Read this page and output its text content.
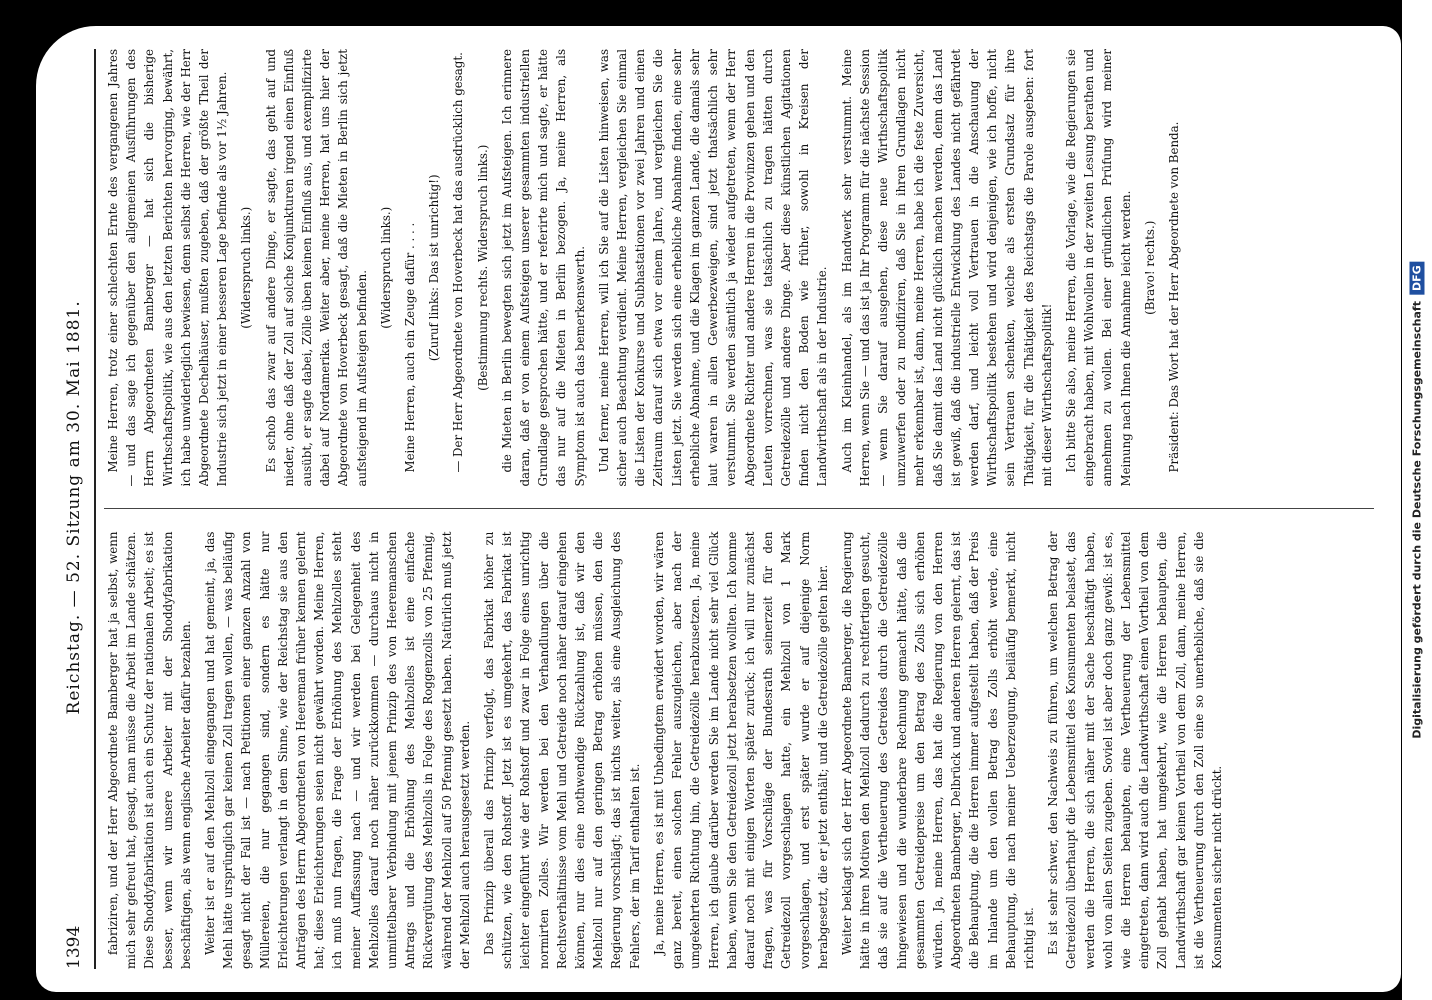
1394
Reichstag. — 52. Sitzung am 30. Mai 1881.

fabriziren, und der Herr Abgeordnete Bamberger hat ja selbst, wenn mich sehr gefreut hat, gesagt, man müsse die Arbeit im Lande schätzen. Diese Shoddyfabrikation ist auch ein Schutz der nationalen Arbeit; es ist besser, wenn wir unsere Arbeiter mit der Shoddyfabrikation beschäftigen, als wenn englische Arbeiter dafür bezahlen. Weiter ist er auf den Mehlzoll eingegangen und hat gemeint, ja, das Mehl hätte ursprünglich gar keinen Zoll tragen wollen, — was beiläufig gesagt nicht der Fall ist — nach Petitionen einer ganzen Anzahl von Müllereien, die nur gegangen sind, sondern es hätte nur Erleichterungen verlangt in dem Sinne, wie der Reichstag sie aus den Anträgen des Herrn Abgeordneten von Heereman früher kennen gelernt hat; diese Erleichterungen seien nicht gewährt worden. Meine Herren, ich muß nun fragen, die Frage der Erhöhung des Mehlzolles steht meiner Auffassung nach — und wir werden bei Gelegenheit des Mehlzolles darauf noch näher zurückkommen — durchaus nicht in unmittelbarer Verbindung mit jenem Prinzip des von Heeremanschen Antrags und die Erhöhung des Mehlzolles ist eine einfache Rückvergütung des Mehlzolls in Folge des Roggenzolls von 25 Pfennig, während der Mehlzoll auf 50 Pfennig gesetzt haben. Natürlich muß jetzt der Mehlzoll auch herausgesetzt werden. Das Prinzip überall das Prinzip verfolgt, das Fabrikat höher zu schützen, wie den Rohstoff. Jetzt ist es umgekehrt, das Fabrikat ist leichter eingeführt wie der Rohstoff und zwar in Folge eines unrichtig normirten Zolles. Wir werden bei den Verhandlungen über die Rechtsverhältnisse vom Mehl und Getreide noch näher darauf eingehen können, nur dies eine nothwendige Rückzahlung ist, daß wir den Mehlzoll nur auf den geringen Betrag erhöhen müssen, den die Regierung vorschlägt; das ist nichts weiter, als eine Ausgleichung des Fehlers, der im Tarif enthalten ist. Ja, meine Herren, es ist mit Unbedingtem erwidert worden, wir wären ganz bereit, einen solchen Fehler auszugleichen, aber nach der umgekehrten Richtung hin, die Getreidezölle herabzusetzen. Ja, meine Herren, ich glaube darüber werden Sie im Lande nicht sehr viel Glück haben, wenn Sie den Getreidezoll jetzt herabsetzen wollten. Ich komme darauf noch mit einigen Worten später zurück; ich will nur zunächst fragen, was für Vorschläge der Bundesrath seinerzeit für den Getreidezoll vorgeschlagen hatte, ein Mehlzoll von 1 Mark vorgeschlagen, und erst später wurde er auf diejenige Norm herabgesetzt, die er jetzt enthält; und die Getreidezölle gelten hier. Weiter beklagt sich der Herr Abgeordnete Bamberger, die Regierung hätte in ihren Motiven den Mehlzoll dadurch zu rechtfertigen gesucht, daß sie auf die Vertheuerung des Getreides durch die Getreidezölle hingewiesen und die wunderbare Rechnung gemacht hätte, daß die gesammten Getreidepreise um den Betrag des Zolls sich erhöhen würden. Ja, meine Herren, das hat die Regierung von den Herren Abgeordneten Bamberger, Delbrück und anderen Herren gelernt, das ist die Behauptung, die die Herren immer aufgestellt haben, daß der Preis im Inlande um den vollen Betrag des Zolls erhöht werde, eine Behauptung, die nach meiner Ueberzeugung, beiläufig bemerkt, nicht richtig ist. Es ist sehr schwer, den Nachweis zu führen, um welchen Betrag der Getreidezoll überhaupt die Lebensmittel des Konsumenten belastet, das werden die Herren, die sich näher mit der Sache beschäftigt haben, wohl von allen Seiten zugeben. Soviel ist aber doch ganz gewiß: ist es, wie die Herren behaupten, eine Vertheuerung der Lebensmittel eingetreten, dann wird auch die Landwirthschaft einen Vortheil von dem Zoll gehabt haben, hat umgekehrt, wie die Herren behaupten, die Landwirthschaft gar keinen Vortheil von dem Zoll, dann, meine Herren, ist die Vertheuerung durch den Zoll eine so unerhebliche, daß sie die Konsumenten sicher nicht drückt.

Meine Herren, trotz einer schlechten Ernte des vergangenen Jahres — und das sage ich gegenüber den allgemeinen Ausführungen des Herrn Abgeordneten Bamberger — hat sich die bisherige Wirthschaftspolitik, wie aus den letzten Berichten hervorging, bewährt, ich habe unwiderleglich bewiesen, denn selbst die Herren, wie der Herr Abgeordnete Dechelhäuser, mußten zugeben, daß der größte Theil der Industrie sich jetzt in einer besseren Lage befinde als vor 1½ Jahren. (Widerspruch links.) Es schob das zwar auf andere Dinge, er sagte, das geht auf und nieder, ohne daß der Zoll auf solche Konjunkturen irgend einen Einfluß ausübt, er sagte dabei, Zölle üben keinen Einfluß aus, und exemplifizirte dabei auf Nordamerika. Weiter aber, meine Herren, hat uns hier der Abgeordnete von Hoverbeck gesagt, daß die Mieten in Berlin sich jetzt aufsteigend im Aufsteigen befinden.

(Widerspruch links.) Meine Herren, auch ein Zeuge dafür . . . . (Zuruf links: Das ist unrichtig!) — Der Herr Abgeordnete von Hoverbeck hat das ausdrücklich gesagt. (Bestimmung rechts. Widerspruch links.) die Mieten in Berlin bewegten sich jetzt im Aufsteigen. Ich erinnere daran, daß er von einem Aufsteigen unserer gesammten industriellen Grundlage gesprochen hätte, und er referirte mich und sagte, er hätte das nur auf die Mieten in Berlin bezogen. Ja, meine Herren, als Symptom ist auch das bemerkenswerth. Und ferner, meine Herren, will ich Sie auf die Listen hinweisen, was sicher auch Beachtung verdient. Meine Herren, vergleichen Sie einmal die Listen der Konkurse und Subhastationen vor zwei Jahren und einen Zeitraum darauf sich etwa vor einem Jahre, und vergleichen Sie die Listen jetzt. Sie werden sich eine erhebliche Abnahme finden, eine sehr erhebliche Abnahme, und die Klagen im ganzen Lande, die damals sehr laut waren in allen Gewerbezweigen, sind jetzt thatsächlich sehr verstummt. Sie werden sämtlich ja wieder aufgetreten, wenn der Herr Abgeordnete Richter und andere Herren in die Provinzen gehen und den Leuten vorrechnen, was sie tatsächlich zu tragen hätten durch Getreidezölle und andere Dinge. Aber diese künstlichen Agitationen finden nicht den Boden wie früher, sowohl in Kreisen der Landwirthschaft als in der Industrie. Auch im Kleinhandel, als im Handwerk sehr verstummt. Meine Herren, wenn Sie — und das ist ja Ihr Programm für die nächste Session — wenn Sie darauf ausgehen, diese neue Wirthschaftspolitik umzuwerfen oder zu modifiziren, daß Sie in ihren Grundlagen nicht mehr erkennbar ist, dann, meine Herren, habe ich die feste Zuversicht, daß Sie damit das Land nicht glücklich machen werden, denn das Land ist gewiß, daß die industrielle Entwicklung des Landes nicht gefährdet werden darf, und leicht voll Vertrauen in die Anschauung der Wirthschaftspolitik bestehen und wird denjenigen, wie ich hoffe, nicht sein Vertrauen schenken, welche als ersten Grundsatz für ihre Thätigkeit, für die Thätigkeit des Reichstags die Parole ausgeben: fort mit dieser Wirthschaftspolitik! Ich bitte Sie also, meine Herren, die Vorlage, wie die Regierungen sie eingebracht haben, mit Wohlwollen in der zweiten Lesung berathen und annehmen zu wollen. Bei einer gründlichen Prüfung wird meiner Meinung nach Ihnen die Annahme leicht werden. (Bravo! rechts.) Präsident: Das Wort hat der Herr Abgeordnete von Benda.

Digitalisierung gefördert durch die Deutsche Forschungsgemeinschaft
DFG
